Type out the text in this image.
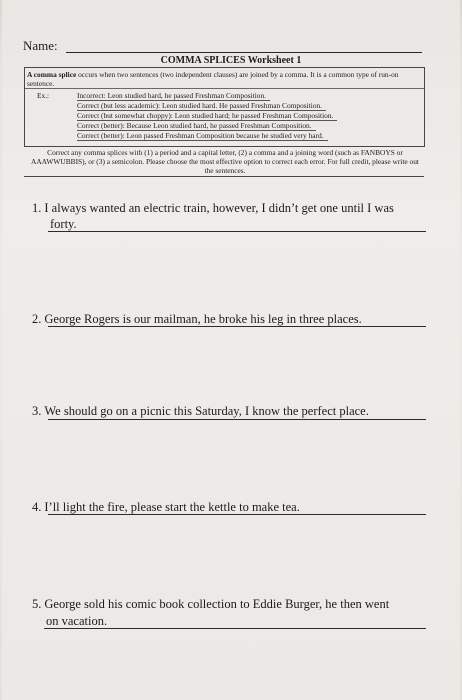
Name:
COMMA SPLICES Worksheet 1
A comma splice occurs when two sentences (two independent clauses) are joined by a comma. It is a common type of run-on sentence.
Ex.:	Incorrect: Leon studied hard, he passed Freshman Composition.
Correct (but less academic): Leon studied hard. He passed Freshman Composition.
Correct (but somewhat choppy): Leon studied hard; he passed Freshman Composition.
Correct (better): Because Leon studied hard, he passed Freshman Composition.
Correct (better): Leon passed Freshman Composition because he studied very hard.
Correct any comma splices with (1) a period and a capital letter, (2) a comma and a joining word (such as FANBOYS or AAAWWUBBIS), or (3) a semicolon. Please choose the most effective option to correct each error. For full credit, please write out the sentences.
1. I always wanted an electric train, however, I didn’t get one until I was
forty.
2. George Rogers is our mailman, he broke his leg in three places.
3. We should go on a picnic this Saturday, I know the perfect place.
4. I’ll light the fire, please start the kettle to make tea.
5. George sold his comic book collection to Eddie Burger, he then went
on vacation.
